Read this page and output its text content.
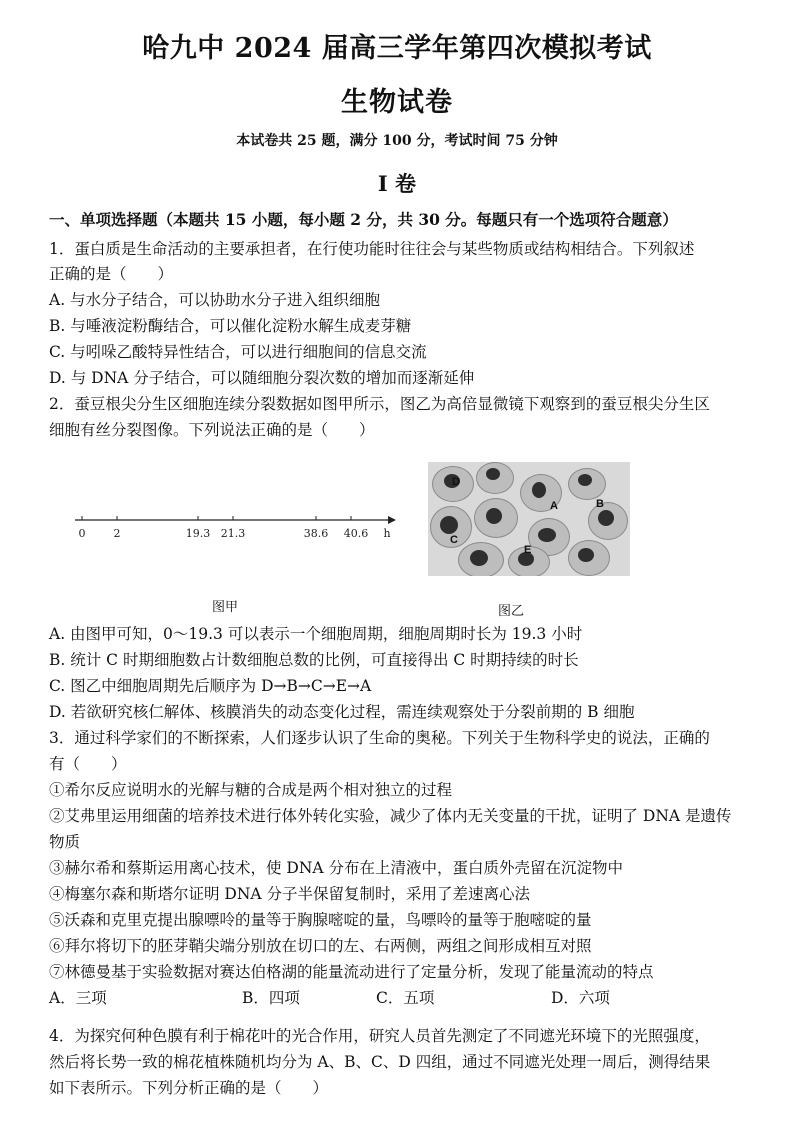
哈九中 2024 届高三学年第四次模拟考试
生物试卷
本试卷共 25 题，满分 100 分，考试时间 75 分钟
I 卷
一、单项选择题（本题共 15 小题，每小题 2 分，共 30 分。每题只有一个选项符合题意）
1．蛋白质是生命活动的主要承担者，在行使功能时往往会与某些物质或结构相结合。下列叙述
正确的是（　　）
A. 与水分子结合，可以协助水分子进入组织细胞
B. 与唾液淀粉酶结合，可以催化淀粉水解生成麦芽糖
C. 与吲哚乙酸特异性结合，可以进行细胞间的信息交流
D. 与 DNA 分子结合，可以随细胞分裂次数的增加而逐渐延伸
2．蚕豆根尖分生区细胞连续分裂数据如图甲所示，图乙为高倍显微镜下观察到的蚕豆根尖分生区
细胞有丝分裂图像。下列说法正确的是（　　）
0	2	19.3 21.3	38.6 40.6 h
图甲
D
A	B
C
E
图乙
A. 由图甲可知，0～19.3 可以表示一个细胞周期，细胞周期时长为 19.3 小时
B. 统计 C 时期细胞数占计数细胞总数的比例，可直接得出 C 时期持续的时长
C. 图乙中细胞周期先后顺序为 D→B→C→E→A
D. 若欲研究核仁解体、核膜消失的动态变化过程，需连续观察处于分裂前期的 B 细胞
3．通过科学家们的不断探索，人们逐步认识了生命的奥秘。下列关于生物科学史的说法，正确的
有（　　）
①希尔反应说明水的光解与糖的合成是两个相对独立的过程
②艾弗里运用细菌的培养技术进行体外转化实验，减少了体内无关变量的干扰，证明了 DNA 是遗传
物质
③赫尔希和蔡斯运用离心技术，使 DNA 分布在上清液中，蛋白质外壳留在沉淀物中
④梅塞尔森和斯塔尔证明 DNA 分子半保留复制时，采用了差速离心法
⑤沃森和克里克提出腺嘌呤的量等于胸腺嘧啶的量，鸟嘌呤的量等于胞嘧啶的量
⑥拜尔将切下的胚芽鞘尖端分别放在切口的左、右两侧，两组之间形成相互对照
⑦林德曼基于实验数据对赛达伯格湖的能量流动进行了定量分析，发现了能量流动的特点
A．三项	B．四项	C．五项	D．六项
4．为探究何种色膜有利于棉花叶的光合作用，研究人员首先测定了不同遮光环境下的光照强度，
然后将长势一致的棉花植株随机均分为 A、B、C、D 四组，通过不同遮光处理一周后，测得结果
如下表所示。下列分析正确的是（　　）
